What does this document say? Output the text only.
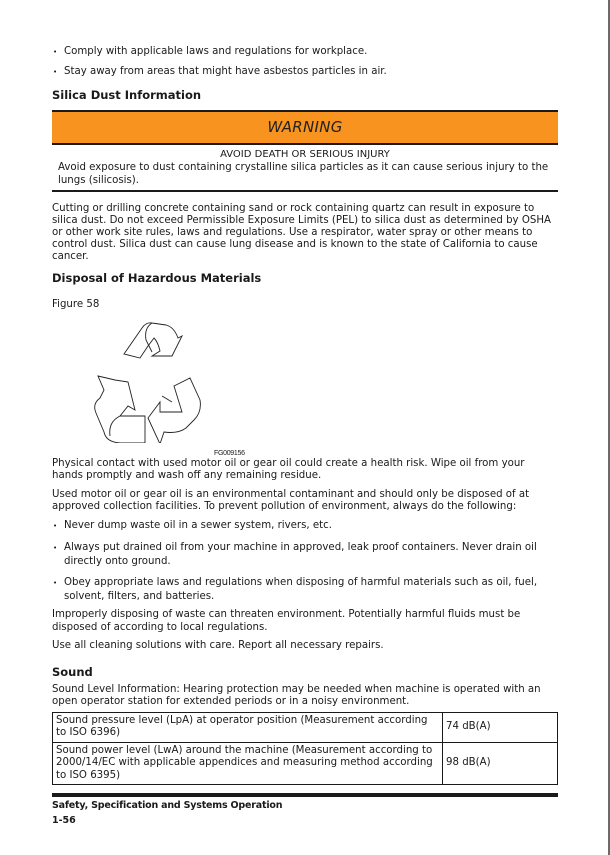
• Comply with applicable laws and regulations for workplace.
• Stay away from areas that might have asbestos particles in air.
Silica Dust Information
WARNING
AVOID DEATH OR SERIOUS INJURY
Avoid exposure to dust containing crystalline silica particles as it can cause serious injury to the lungs (silicosis).

Cutting or drilling concrete containing sand or rock containing quartz can result in exposure to silica dust. Do not exceed Permissible Exposure Limits (PEL) to silica dust as determined by OSHA or other work site rules, laws and regulations. Use a respirator, water spray or other means to control dust. Silica dust can cause lung disease and is known to the state of California to cause cancer.

Disposal of Hazardous Materials
Figure 58
FG009156

Physical contact with used motor oil or gear oil could create a health risk. Wipe oil from your hands promptly and wash off any remaining residue.

Used motor oil or gear oil is an environmental contaminant and should only be disposed of at approved collection facilities. To prevent pollution of environment, always do the following:

• Never dump waste oil in a sewer system, rivers, etc.
• Always put drained oil from your machine in approved, leak proof containers. Never drain oil directly onto ground.
• Obey appropriate laws and regulations when disposing of harmful materials such as oil, fuel, solvent, filters, and batteries.

Improperly disposing of waste can threaten environment. Potentially harmful fluids must be disposed of according to local regulations.

Use all cleaning solutions with care. Report all necessary repairs.

Sound

Sound Level Information: Hearing protection may be needed when machine is operated with an open operator station for extended periods or in a noisy environment.

Sound pressure level (LpA) at operator position (Measurement according to ISO 6396)	74 dB(A)
Sound power level (LwA) around the machine (Measurement according to 2000/14/EC with applicable appendices and measuring method according to ISO 6395)	98 dB(A)
Safety, Specification and Systems Operation
1-56
